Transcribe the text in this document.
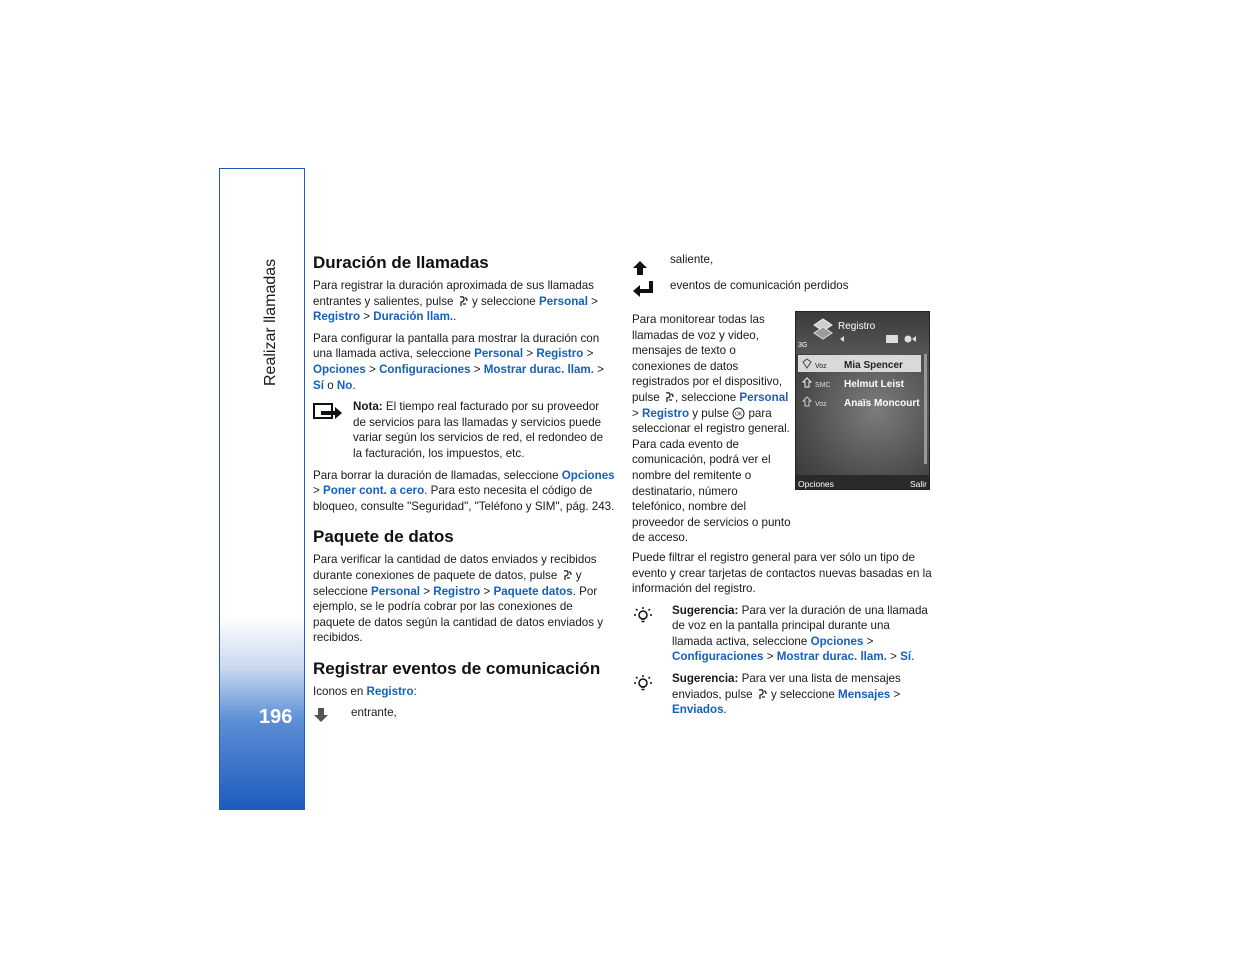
Realizar llamadas
196
Duración de llamadas

Para registrar la duración aproximada de sus llamadas entrantes y salientes, pulse  y seleccione Personal > Registro > Duración llam..

Para configurar la pantalla para mostrar la duración con una llamada activa, seleccione Personal > Registro > Opciones > Configuraciones > Mostrar durac. llam. > Sí o No.

Nota: El tiempo real facturado por su proveedor de servicios para las llamadas y servicios puede variar según los servicios de red, el redondeo de la facturación, los impuestos, etc.

Para borrar la duración de llamadas, seleccione Opciones > Poner cont. a cero. Para esto necesita el código de bloqueo, consulte "Seguridad", "Teléfono y SIM", pág. 243.

Paquete de datos

Para verificar la cantidad de datos enviados y recibidos durante conexiones de paquete de datos, pulse  y seleccione Personal > Registro > Paquete datos. Por ejemplo, se le podría cobrar por las conexiones de paquete de datos según la cantidad de datos enviados y recibidos.

Registrar eventos de comunicación

Iconos en Registro:

entrante,
saliente,
eventos de comunicación perdidos

Para monitorear todas las llamadas de voz y video, mensajes de texto o conexiones de datos registrados por el dispositivo, pulse , seleccione Personal > Registro y pulse OK para seleccionar el registro general. Para cada evento de comunicación, podrá ver el nombre del remitente o destinatario, número telefónico, nombre del proveedor de servicios o punto de acceso.

Registro
3G
Voz Mia Spencer
SMC Helmut Leist
Voz Anaïs Moncourt
Opciones	Salir

Puede filtrar el registro general para ver sólo un tipo de evento y crear tarjetas de contactos nuevas basadas en la información del registro.

Sugerencia: Para ver la duración de una llamada de voz en la pantalla principal durante una llamada activa, seleccione Opciones > Configuraciones > Mostrar durac. llam. > Sí.
Sugerencia: Para ver una lista de mensajes enviados, pulse  y seleccione Mensajes > Enviados.
